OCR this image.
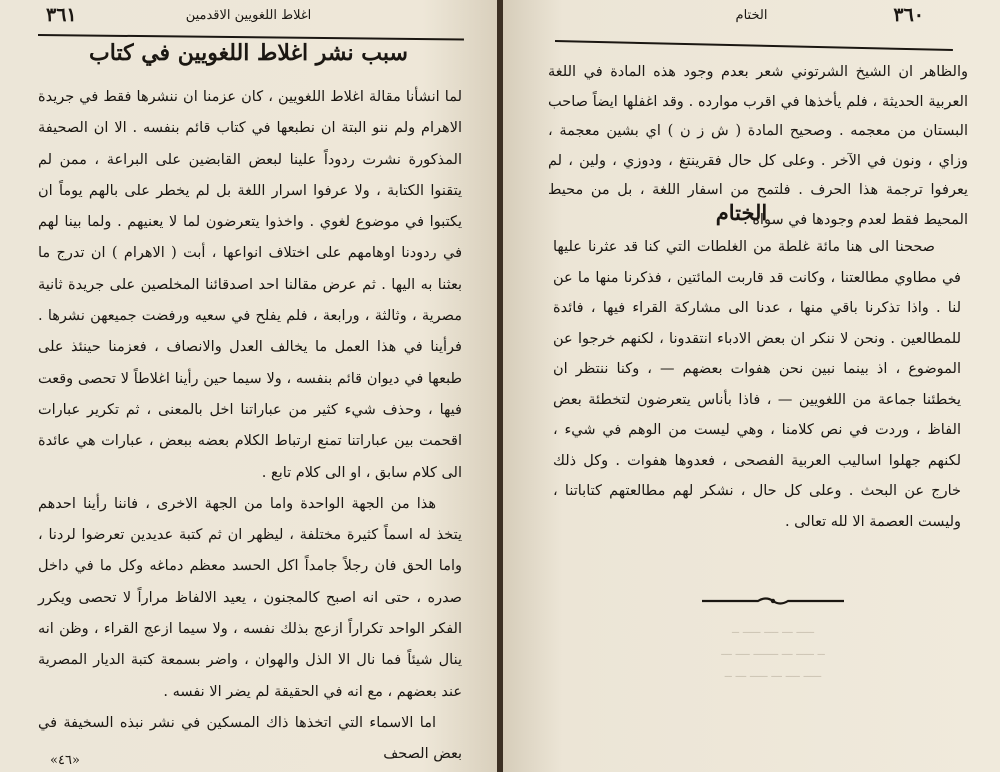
٣٦١	اغلاط اللغويين الاقدمين
سبب نشر اغلاط اللغويين في كتاب

لما انشأنا مقالة اغلاط اللغويين ، كان عزمنا ان ننشرها فقط في جريدة الاهرام ولم ننو البتة ان نطبعها في كتاب قائم بنفسه . الا ان الصحيفة المذكورة نشرت ردوداً علينا لبعض القابضين على البراعة ، ممن لم يتقنوا الكتابة ، ولا عرفوا اسرار اللغة بل لم يخطر على بالهم يوماً ان يكتبوا في موضوع لغوي . واخذوا يتعرضون لما لا يعنيهم . ولما بينا لهم في ردودنا اوهامهم على اختلاف انواعها ، أبت ( الاهرام ) ان تدرج ما بعثنا به اليها . ثم عرض مقالنا احد اصدقائنا المخلصين على جريدة ثانية مصرية ، وثالثة ، ورابعة ، فلم يفلح في سعيه ورفضت جميعهن نشرها . فرأينا في هذا العمل ما يخالف العدل والانصاف ، فعزمنا حينئذ على طبعها في ديوان قائم بنفسه ، ولا سيما حين رأينا اغلاطاً لا تحصى وقعت فيها ، وحذف شيء كثير من عباراتنا اخل بالمعنى ، ثم تكرير عبارات اقحمت بين عباراتنا تمنع ارتباط الكلام بعضه ببعض ، عبارات هي عائدة الى كلام سابق ، او الى كلام تابع .

هذا من الجهة الواحدة واما من الجهة الاخرى ، فاننا رأينا احدهم يتخذ له اسماً كثيرة مختلفة ، ليظهر ان ثم كتبة عديدين تعرضوا لردنا ، واما الحق فان رجلاً جامداً اكل الحسد معظم دماغه وكل ما في داخل صدره ، حتى انه اصبح كالمجنون ، يعيد الالفاظ مراراً لا تحصى ويكرر الفكر الواحد تكراراً ازعج بذلك نفسه ، ولا سيما ازعج القراء ، وظن انه ينال شيئاً فما نال الا الذل والهوان ، واضر بسمعة كتبة الديار المصرية عند بعضهم ، مع انه في الحقيقة لم يضر الا نفسه .

اما الاسماء التي اتخذها ذاك المسكين في نشر نبذه السخيفة في بعض الصحف

«٤٦»
٣٦٠
الختام

والظاهر ان الشيخ الشرتوني شعر بعدم وجود هذه المادة في اللغة العربية الحديثة ، فلم يأخذها في اقرب موارده . وقد اغفلها ايضاً صاحب البستان من معجمه . وصحيح المادة ( ش ز ن ) اي بشين معجمة ، وزاي ، ونون في الآخر . وعلى كل حال فقرينتغ ، ودوزي ، ولين ، لم يعرفوا ترجمة هذا الحرف . فلتمح من اسفار اللغة ، بل من محيط المحيط فقط لعدم وجودها في سواه .

الختام

صححنا الى هنا مائة غلطة من الغلطات التي كنا قد عثرنا عليها في مطاوي مطالعتنا ، وكانت قد قاربت المائتين ، فذكرنا منها ما عن لنا . واذا تذكرنا باقي منها ، عدنا الى مشاركة القراء فيها ، فائدة للمطالعين . ونحن لا ننكر ان بعض الادباء انتقدونا ، لكنهم خرجوا عن الموضوع ، اذ بينما نبين نحن هفوات بعضهم — ، وكنا ننتظر ان يخطئنا جماعة من اللغويين — ، فاذا بأناس يتعرضون لتخطئة بعض الفاظ ، وردت في نص كلامنا ، وهي ليست من الوهم في شيء ، لكنهم جهلوا اساليب العربية الفصحى ، فعدوها هفوات . وكل ذلك خارج عن البحث . وعلى كل حال ، نشكر لهم مطالعتهم كتاباتنا ، وليست العصمة الا لله تعالى .

ـــــ ـــ ــــ ـــــ ــ
ــ ـــــ ـــ ـــــــ ــــ ـــ
ـــــ ــــ ـــ ـــــ ـــ ــ
